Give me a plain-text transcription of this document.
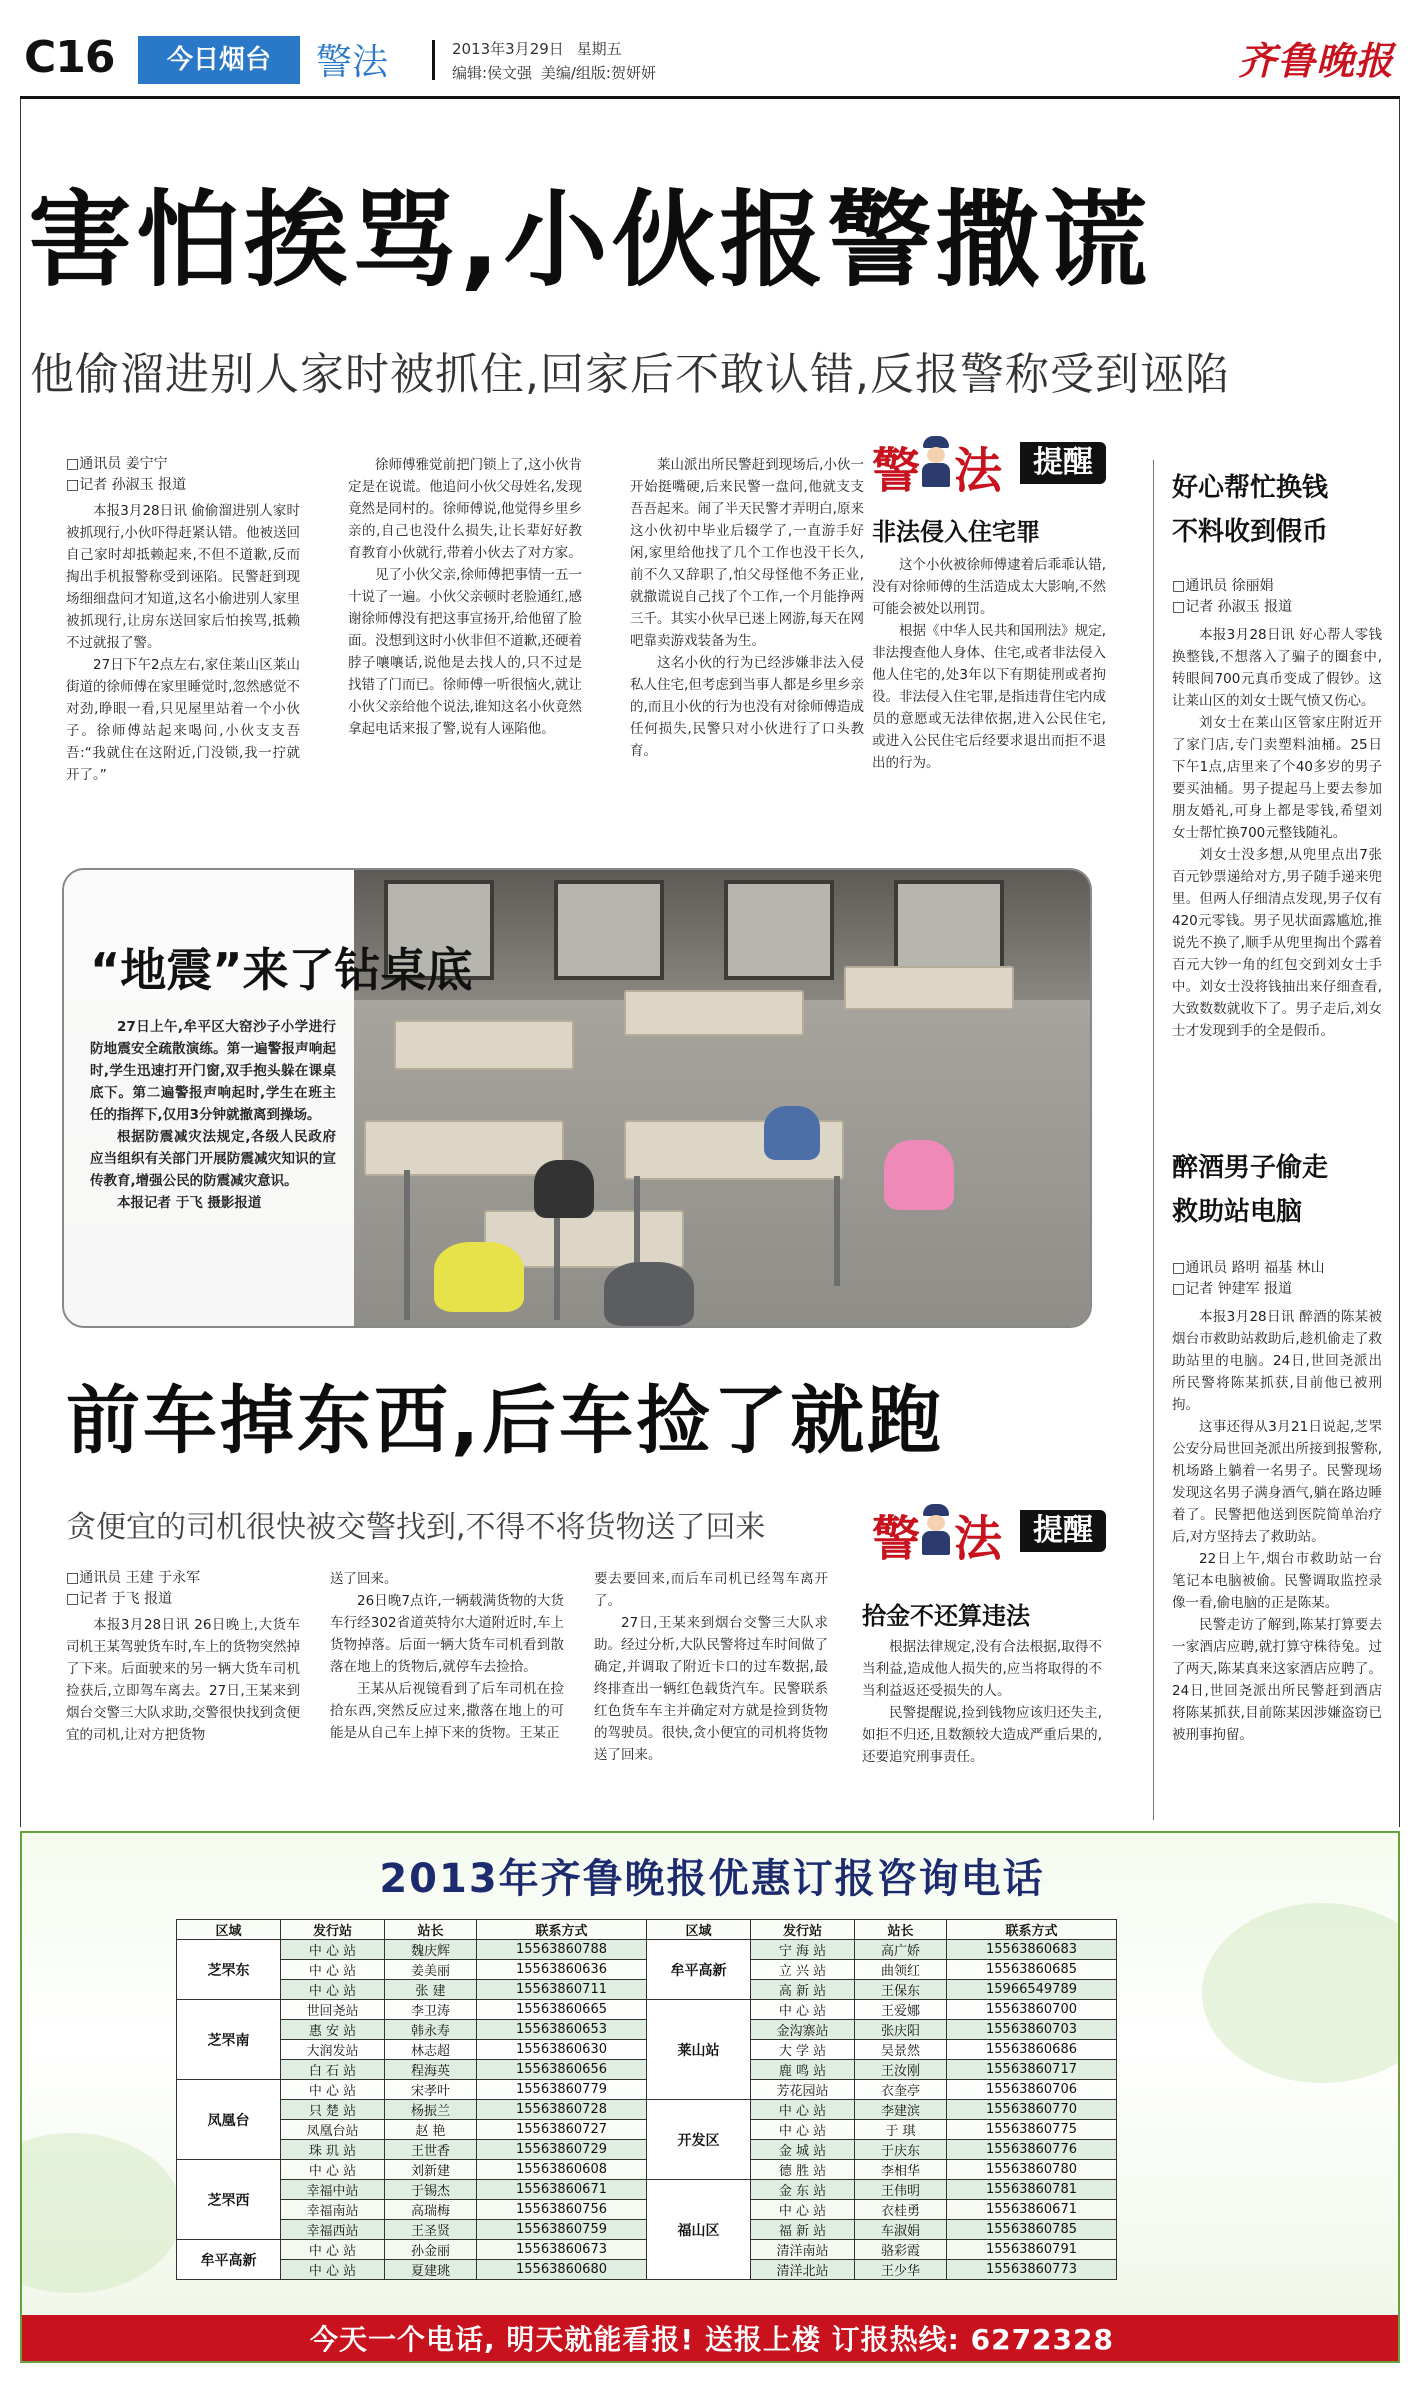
C16	今日烟台	警法	2013年3月29日 星期五
编辑:侯文强 美编/组版:贺妍妍	齐鲁晚报
害怕挨骂,小伙报警撒谎
他偷溜进别人家时被抓住,回家后不敢认错,反报警称受到诬陷
□通讯员 姜宁宁
□记者 孙淑玉 报道

本报3月28日讯 偷偷溜进别人家时被抓现行,小伙吓得赶紧认错。他被送回自己家时却抵赖起来,不但不道歉,反而掏出手机报警称受到诬陷。民警赶到现场细细盘问才知道,这名小偷进别人家里被抓现行,让房东送回家后怕挨骂,抵赖不过就报了警。

27日下午2点左右,家住莱山区莱山街道的徐师傅在家里睡觉时,忽然感觉不对劲,睁眼一看,只见屋里站着一个小伙子。徐师傅站起来喝问,小伙支支吾吾:“我就住在这附近,门没锁,我一拧就开了。”

徐师傅雅觉前把门锁上了,这小伙肯定是在说谎。他追问小伙父母姓名,发现竟然是同村的。徐师傅说,他觉得乡里乡亲的,自己也没什么损失,让长辈好好教育教育小伙就行,带着小伙去了对方家。

见了小伙父亲,徐师傅把事情一五一十说了一遍。小伙父亲顿时老脸通红,感谢徐师傅没有把这事宣扬开,给他留了脸面。没想到这时小伙非但不道歉,还硬着脖子嚷嚷话,说他是去找人的,只不过是找错了门而已。徐师傅一听很恼火,就让小伙父亲给他个说法,谁知这名小伙竟然拿起电话来报了警,说有人诬陷他。

莱山派出所民警赶到现场后,小伙一开始挺嘴硬,后来民警一盘问,他就支支吾吾起来。闹了半天民警才弄明白,原来这小伙初中毕业后辍学了,一直游手好闲,家里给他找了几个工作也没干长久,前不久又辞职了,怕父母怪他不务正业,就撒谎说自己找了个工作,一个月能挣两三千。其实小伙早已迷上网游,每天在网吧靠卖游戏装备为生。

这名小伙的行为已经涉嫌非法入侵私人住宅,但考虑到当事人都是乡里乡亲的,而且小伙的行为也没有对徐师傅造成任何损失,民警只对小伙进行了口头教育。

警 法	提醒
非法侵入住宅罪

这个小伙被徐师傅逮着后乖乖认错,没有对徐师傅的生活造成太大影响,不然可能会被处以刑罚。

根据《中华人民共和国刑法》规定,非法搜查他人身体、住宅,或者非法侵入他人住宅的,处3年以下有期徒刑或者拘役。非法侵入住宅罪,是指违背住宅内成员的意愿或无法律依据,进入公民住宅,或进入公民住宅后经要求退出而拒不退出的行为。

“地震”来了钻桌底

27日上午,牟平区大窑沙子小学进行防地震安全疏散演练。第一遍警报声响起时,学生迅速打开门窗,双手抱头躲在课桌底下。第二遍警报声响起时,学生在班主任的指挥下,仅用3分钟就撤离到操场。

根据防震减灾法规定,各级人民政府应当组织有关部门开展防震减灾知识的宣传教育,增强公民的防震减灾意识。

本报记者 于飞 摄影报道

好心帮忙换钱
不料收到假币
□通讯员 徐丽娟
□记者 孙淑玉 报道

本报3月28日讯 好心帮人零钱换整钱,不想落入了骗子的圈套中,转眼间700元真币变成了假钞。这让莱山区的刘女士既气愤又伤心。

刘女士在莱山区管家庄附近开了家门店,专门卖塑料油桶。25日下午1点,店里来了个40多岁的男子要买油桶。男子提起马上要去参加朋友婚礼,可身上都是零钱,希望刘女士帮忙换700元整钱随礼。

刘女士没多想,从兜里点出7张百元钞票递给对方,男子随手递来兜里。但两人仔细清点发现,男子仅有420元零钱。男子见状面露尴尬,推说先不换了,顺手从兜里掏出个露着百元大钞一角的红包交到刘女士手中。刘女士没将钱抽出来仔细查看,大致数数就收下了。男子走后,刘女士才发现到手的全是假币。

醉酒男子偷走
救助站电脑
□通讯员 路明 福基 林山
□记者 钟建军 报道

本报3月28日讯 醉酒的陈某被烟台市救助站救助后,趁机偷走了救助站里的电脑。24日,世回尧派出所民警将陈某抓获,目前他已被刑拘。

这事还得从3月21日说起,芝罘公安分局世回尧派出所接到报警称,机场路上躺着一名男子。民警现场发现这名男子满身酒气,躺在路边睡着了。民警把他送到医院简单治疗后,对方坚持去了救助站。

22日上午,烟台市救助站一台笔记本电脑被偷。民警调取监控录像一看,偷电脑的正是陈某。

民警走访了解到,陈某打算要去一家酒店应聘,就打算守株待兔。过了两天,陈某真来这家酒店应聘了。24日,世回尧派出所民警赶到酒店将陈某抓获,目前陈某因涉嫌盗窃已被刑事拘留。

前车掉东西,后车捡了就跑
贪便宜的司机很快被交警找到,不得不将货物送了回来
□通讯员 王建 于永军
□记者 于飞 报道

本报3月28日讯 26日晚上,大货车司机王某驾驶货车时,车上的货物突然掉了下来。后面驶来的另一辆大货车司机捡获后,立即驾车离去。27日,王某来到烟台交警三大队求助,交警很快找到贪便宜的司机,让对方把货物

送了回来。

26日晚7点许,一辆载满货物的大货车行经302省道英特尔大道附近时,车上货物掉落。后面一辆大货车司机看到散落在地上的货物后,就停车去捡拾。

王某从后视镜看到了后车司机在捡拾东西,突然反应过来,撒落在地上的可能是从自己车上掉下来的货物。王某正

要去要回来,而后车司机已经驾车离开了。

27日,王某来到烟台交警三大队求助。经过分析,大队民警将过车时间做了确定,并调取了附近卡口的过车数据,最终排查出一辆红色载货汽车。民警联系红色货车车主并确定对方就是捡到货物的驾驶员。很快,贪小便宜的司机将货物送了回来。

警 法	提醒
拾金不还算违法

根据法律规定,没有合法根据,取得不当利益,造成他人损失的,应当将取得的不当利益返还受损失的人。

民警提醒说,捡到钱物应该归还失主,如拒不归还,且数额较大造成严重后果的,还要追究刑事责任。

2013年齐鲁晚报优惠订报咨询电话
区域	发行站	站长	联系方式	区域	发行站	站长	联系方式
芝罘东	中 心 站	魏庆辉	15563860788	牟平高新	宁 海 站	高广娇	15563860683
	中 心 站	姜美丽	15563860636		立 兴 站	曲领红	15563860685
	中 心 站	张 建	15563860711		高 新 站	王保东	15966549789
芝罘南	世回尧站	李卫涛	15563860665	莱山站	中 心 站	王爱娜	15563860700
	惠 安 站	韩永寿	15563860653		金沟寨站	张庆阳	15563860703
	大润发站	林志超	15563860630		大 学 站	吴景然	15563860686
	白 石 站	程海英	15563860656		鹿 鸣 站	王汝刚	15563860717
凤凰台	中 心 站	宋孝叶	15563860779		芳花园站	衣奎亭	15563860706
	只 楚 站	杨振兰	15563860728	开发区	中 心 站	李建滨	15563860770
	凤凰台站	赵 艳	15563860727		中 心 站	于 琪	15563860775
	珠 玑 站	王世香	15563860729		金 城 站	于庆东	15563860776
芝罘西	中 心 站	刘新建	15563860608		德 胜 站	李相华	15563860780
	幸福中站	于锡杰	15563860671	福山区	金 东 站	王伟明	15563860781
	幸福南站	高瑞梅	15563860756		中 心 站	衣桂勇	15563860671
	幸福西站	王圣贤	15563860759		福 新 站	车淑娟	15563860785
牟平高新	中 心 站	孙金丽	15563860673		清洋南站	骆彩霞	15563860791
	中 心 站	夏建珧	15563860680		清洋北站	王少华	15563860773
今天一个电话, 明天就能看报! 送报上楼 订报热线: 6272328
